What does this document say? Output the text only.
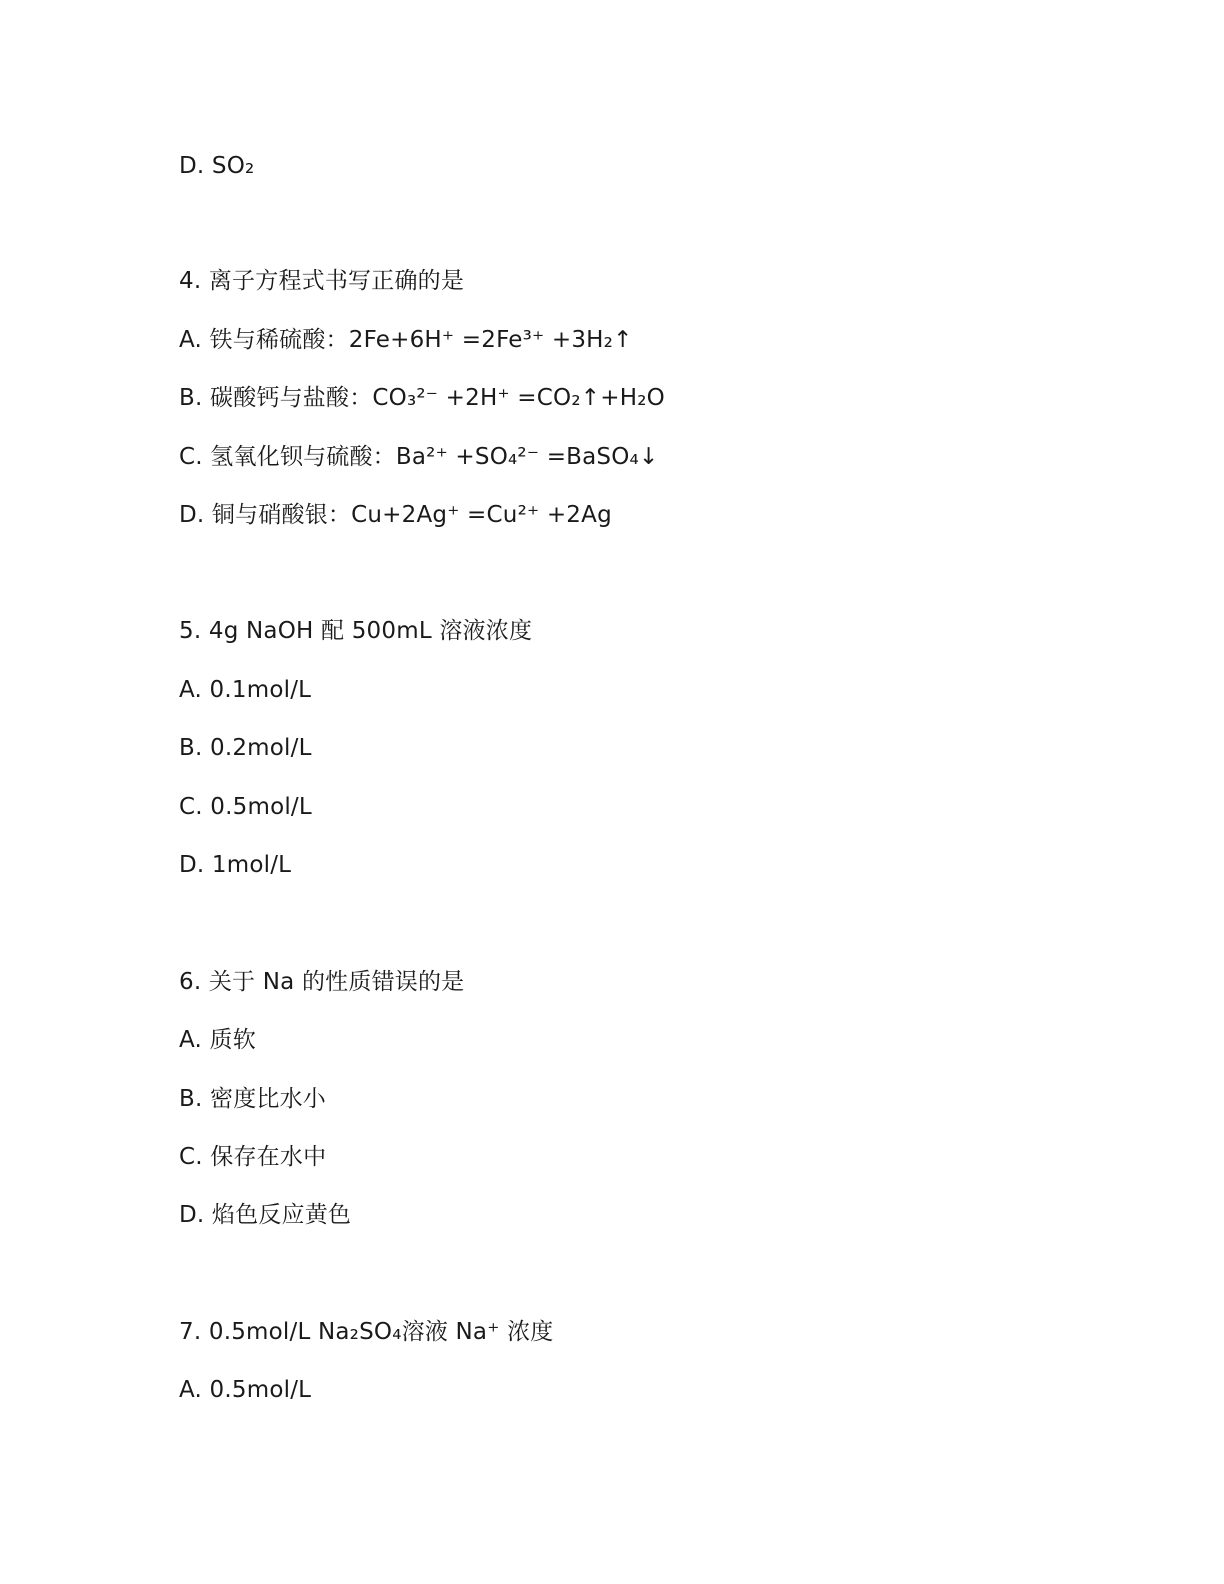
D. SO₂
4. 离子方程式书写正确的是
A. 铁与稀硫酸：2Fe+6H⁺ =2Fe³⁺ +3H₂↑
B. 碳酸钙与盐酸：CO₃²⁻ +2H⁺ =CO₂↑+H₂O
C. 氢氧化钡与硫酸：Ba²⁺ +SO₄²⁻ =BaSO₄↓
D. 铜与硝酸银：Cu+2Ag⁺ =Cu²⁺ +2Ag
5. 4g NaOH 配 500mL 溶液浓度
A. 0.1mol/L
B. 0.2mol/L
C. 0.5mol/L
D. 1mol/L
6. 关于 Na 的性质错误的是
A. 质软
B. 密度比水小
C. 保存在水中
D. 焰色反应黄色
7. 0.5mol/L Na₂SO₄溶液 Na⁺ 浓度
A. 0.5mol/L
